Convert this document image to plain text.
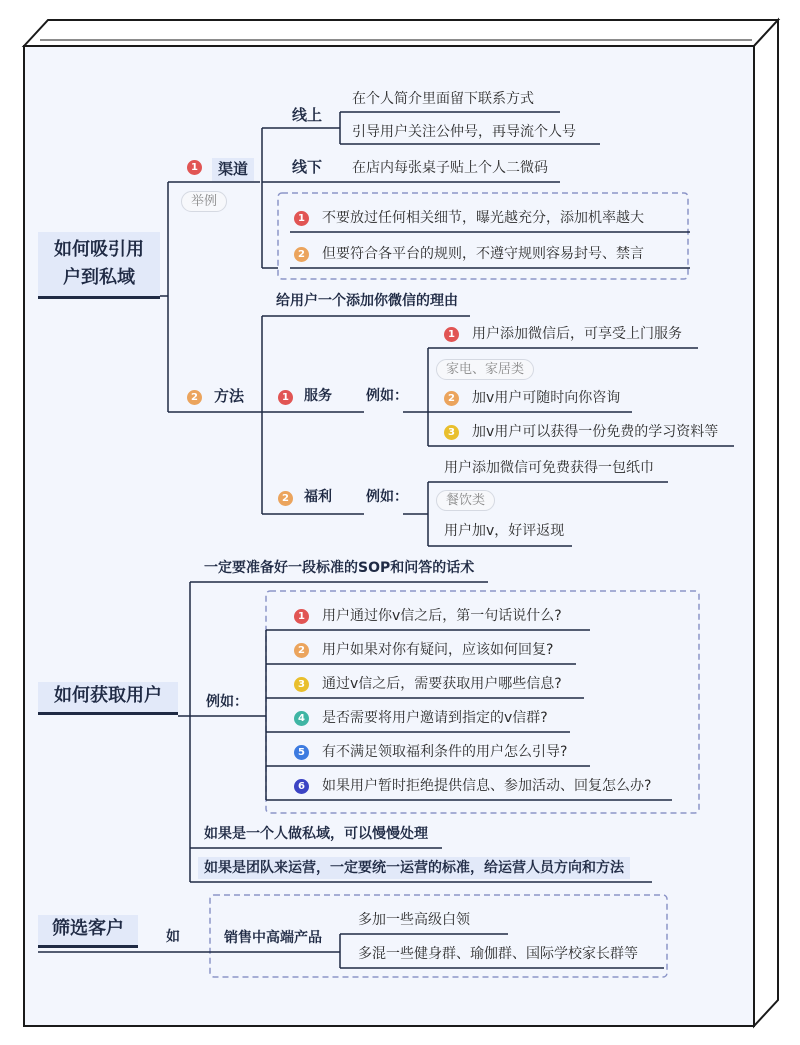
如何吸引用户到私域
1	渠道
举例
线上
在个人简介里面留下联系方式
引导用户关注公仲号，再导流个人号
线下 在店内每张桌子贴上个人二微码
1 不要放过任何相关细节，曝光越充分，添加机率越大
2 但要符合各平台的规则，不遵守规则容易封号、禁言
2 方法
给用户一个添加你微信的理由
1 服务 例如：
1 用户添加微信后，可享受上门服务
家电、家居类
2 加v用户可随时向你咨询
3 加v用户可以获得一份免费的学习资料等
2 福利 例如：
用户添加微信可免费获得一包纸巾
餐饮类
用户加v，好评返现
如何获取用户
一定要准备好一段标准的SOP和问答的话术
例如：
1 用户通过你v信之后，第一句话说什么?
2 用户如果对你有疑问，应该如何回复?
3 通过v信之后，需要获取用户哪些信息?
4 是否需要将用户邀请到指定的v信群?
5 有不满足领取福利条件的用户怎么引导?
6 如果用户暂时拒绝提供信息、参加活动、回复怎么办?
如果是一个人做私域，可以慢慢处理
如果是团队来运营，一定要统一运营的标准，给运营人员方向和方法
筛选客户	如	销售中高端产品
多加一些高级白领
多混一些健身群、瑜伽群、国际学校家长群等
